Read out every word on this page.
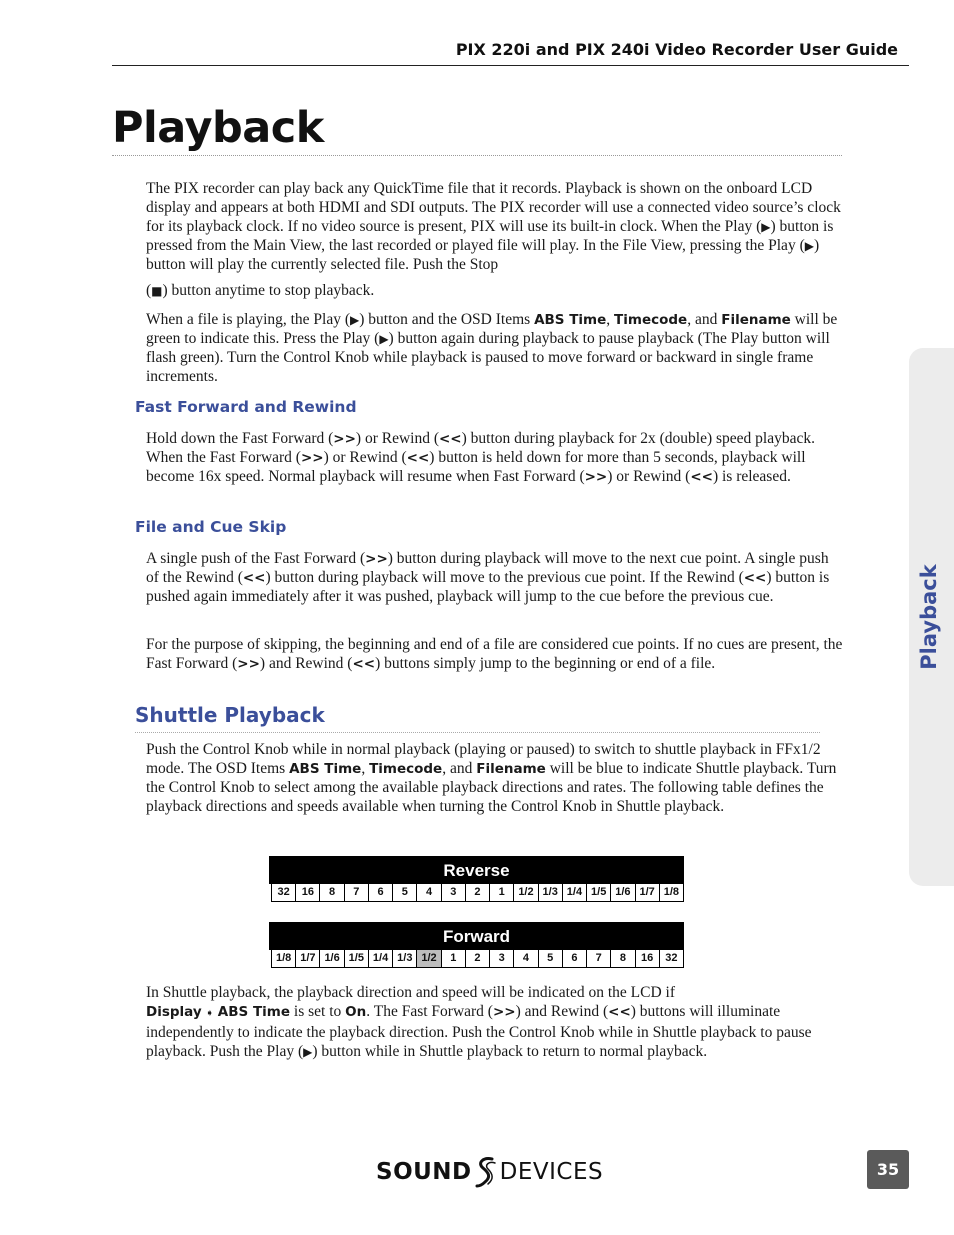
PIX 220i and PIX 240i Video Recorder User Guide
Playback

The PIX recorder can play back any QuickTime file that it records. Playback is shown on the onboard LCD display and appears at both HDMI and SDI outputs. The PIX recorder will use a connected video source’s clock for its playback clock. If no video source is present, PIX will use its built-in clock. When the Play (▶) button is pressed from the Main View, the last recorded or played file will play. In the File View, pressing the Play (▶) button will play the currently selected file. Push the Stop
(■) button anytime to stop playback.

When a file is playing, the Play (▶) button and the OSD Items ABS Time, Timecode, and Filename will be green to indicate this. Press the Play (▶) button again during playback to pause playback (The Play button will flash green). Turn the Control Knob while playback is paused to move forward or backward in single frame increments.

Fast Forward and Rewind

Hold down the Fast Forward (>>) or Rewind (<<) button during playback for 2x (double) speed playback. When the Fast Forward (>>) or Rewind (<<) button is held down for more than 5 seconds, playback will become 16x speed. Normal playback will resume when Fast Forward (>>) or Rewind (<<) is released.

File and Cue Skip

A single push of the Fast Forward (>>) button during playback will move to the next cue point. A single push of the Rewind (<<) button during playback will move to the previous cue point. If the Rewind (<<) button is pushed again immediately after it was pushed, playback will jump to the cue before the previous cue.

For the purpose of skipping, the beginning and end of a file are considered cue points. If no cues are present, the Fast Forward (>>) and Rewind (<<) buttons simply jump to the beginning or end of a file.

Shuttle Playback

Push the Control Knob while in normal playback (playing or paused) to switch to shuttle playback in FFx1/2 mode. The OSD Items ABS Time, Timecode, and Filename will be blue to indicate Shuttle playback. Turn the Control Knob to select among the available playback directions and rates. The following table defines the playback directions and speeds available when turning the Control Knob in Shuttle playback.

Reverse
32	16	8	7	6	5	4	3	2	1	1/2 1/3 1/4 1/5 1/6 1/7 1/8
Forward
1/8 1/7 1/6 1/5 1/4 1/3 1/2	1	2	3	4	5	6	7	8	16	32

In Shuttle playback, the playback direction and speed will be indicated on the LCD if
Display ➧ ABS Time is set to On. The Fast Forward (>>) and Rewind (<<) buttons will illuminate independently to indicate the playback direction. Push the Control Knob while in Shuttle playback to pause playback. Push the Play (▶) button while in Shuttle playback to return to normal playback.

Playback
SOUND DEVICES	35
